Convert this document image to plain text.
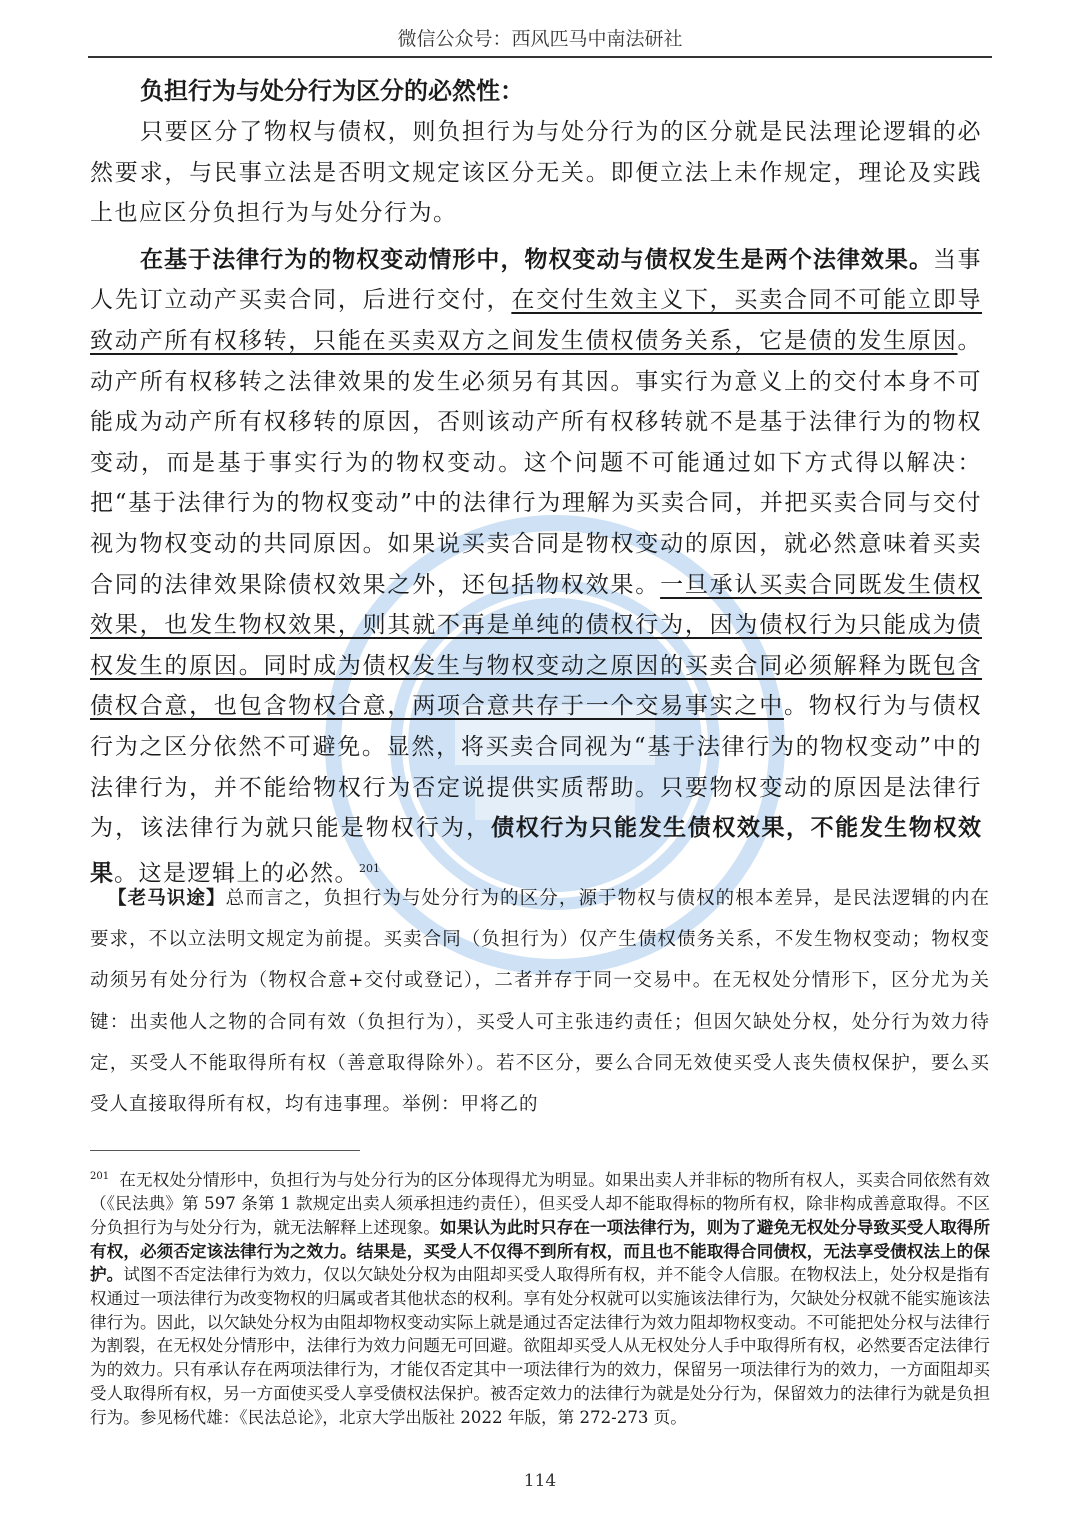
微信公众号：西风匹马中南法研社

负担行为与处分行为区分的必然性：

只要区分了物权与债权，则负担行为与处分行为的区分就是民法理论逻辑的必然要求，与民事立法是否明文规定该区分无关。即便立法上未作规定，理论及实践上也应区分负担行为与处分行为。

在基于法律行为的物权变动情形中，物权变动与债权发生是两个法律效果。当事人先订立动产买卖合同，后进行交付，在交付生效主义下，买卖合同不可能立即导致动产所有权移转，只能在买卖双方之间发生债权债务关系，它是债的发生原因。动产所有权移转之法律效果的发生必须另有其因。事实行为意义上的交付本身不可能成为动产所有权移转的原因，否则该动产所有权移转就不是基于法律行为的物权变动，而是基于事实行为的物权变动。这个问题不可能通过如下方式得以解决：把“基于法律行为的物权变动”中的法律行为理解为买卖合同，并把买卖合同与交付视为物权变动的共同原因。如果说买卖合同是物权变动的原因，就必然意味着买卖合同的法律效果除债权效果之外，还包括物权效果。一旦承认买卖合同既发生债权效果，也发生物权效果，则其就不再是单纯的债权行为，因为债权行为只能成为债权发生的原因。同时成为债权发生与物权变动之原因的买卖合同必须解释为既包含债权合意，也包含物权合意，两项合意共存于一个交易事实之中。物权行为与债权行为之区分依然不可避免。显然，将买卖合同视为“基于法律行为的物权变动”中的法律行为，并不能给物权行为否定说提供实质帮助。只要物权变动的原因是法律行为，该法律行为就只能是物权行为，债权行为只能发生债权效果，不能发生物权效果。这是逻辑上的必然。$^{201}$

【老马识途】总而言之，负担行为与处分行为的区分，源于物权与债权的根本差异，是民法逻辑的内在要求，不以立法明文规定为前提。买卖合同（负担行为）仅产生债权债务关系，不发生物权变动；物权变动须另有处分行为（物权合意+交付或登记），二者并存于同一交易中。在无权处分情形下，区分尤为关键：出卖他人之物的合同有效（负担行为），买受人可主张违约责任；但因欠缺处分权，处分行为效力待定，买受人不能取得所有权（善意取得除外）。若不区分，要么合同无效使买受人丧失债权保护，要么买受人直接取得所有权，均有违事理。举例：甲将乙的

$^{201}$ 在无权处分情形中，负担行为与处分行为的区分体现得尤为明显。如果出卖人并非标的物所有权人，买卖合同依然有效（《民法典》第 597 条第 1 款规定出卖人须承担违约责任），但买受人却不能取得标的物所有权，除非构成善意取得。不区分负担行为与处分行为，就无法解释上述现象。如果认为此时只存在一项法律行为，则为了避免无权处分导致买受人取得所有权，必须否定该法律行为之效力。结果是，买受人不仅得不到所有权，而且也不能取得合同债权，无法享受债权法上的保护。试图不否定法律行为效力，仅以欠缺处分权为由阻却买受人取得所有权，并不能令人信服。在物权法上，处分权是指有权通过一项法律行为改变物权的归属或者其他状态的权利。享有处分权就可以实施该法律行为，欠缺处分权就不能实施该法律行为。因此，以欠缺处分权为由阻却物权变动实际上就是通过否定法律行为效力阻却物权变动。不可能把处分权与法律行为割裂，在无权处分情形中，法律行为效力问题无可回避。欲阻却买受人从无权处分人手中取得所有权，必然要否定法律行为的效力。只有承认存在两项法律行为，才能仅否定其中一项法律行为的效力，保留另一项法律行为的效力，一方面阻却买受人取得所有权，另一方面使买受人享受债权法保护。被否定效力的法律行为就是处分行为，保留效力的法律行为就是负担行为。参见杨代雄：《民法总论》，北京大学出版社 2022 年版，第 272-273 页。

114
